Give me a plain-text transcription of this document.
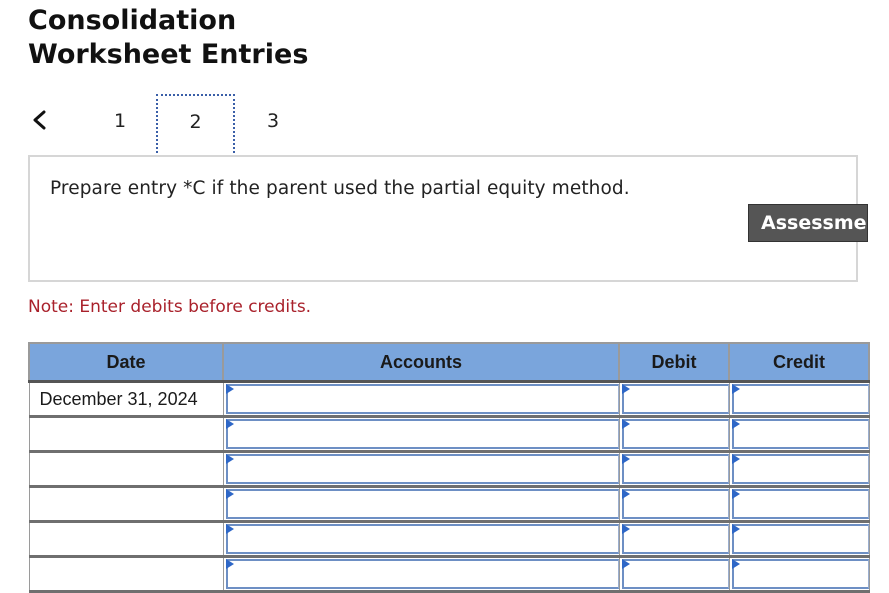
Consolidation
Worksheet Entries
1	2	3
Prepare entry *C if the parent used the partial equity method.
Assessment
Note: Enter debits before credits.
Date	Accounts	Debit	Credit
December 31, 2024	
